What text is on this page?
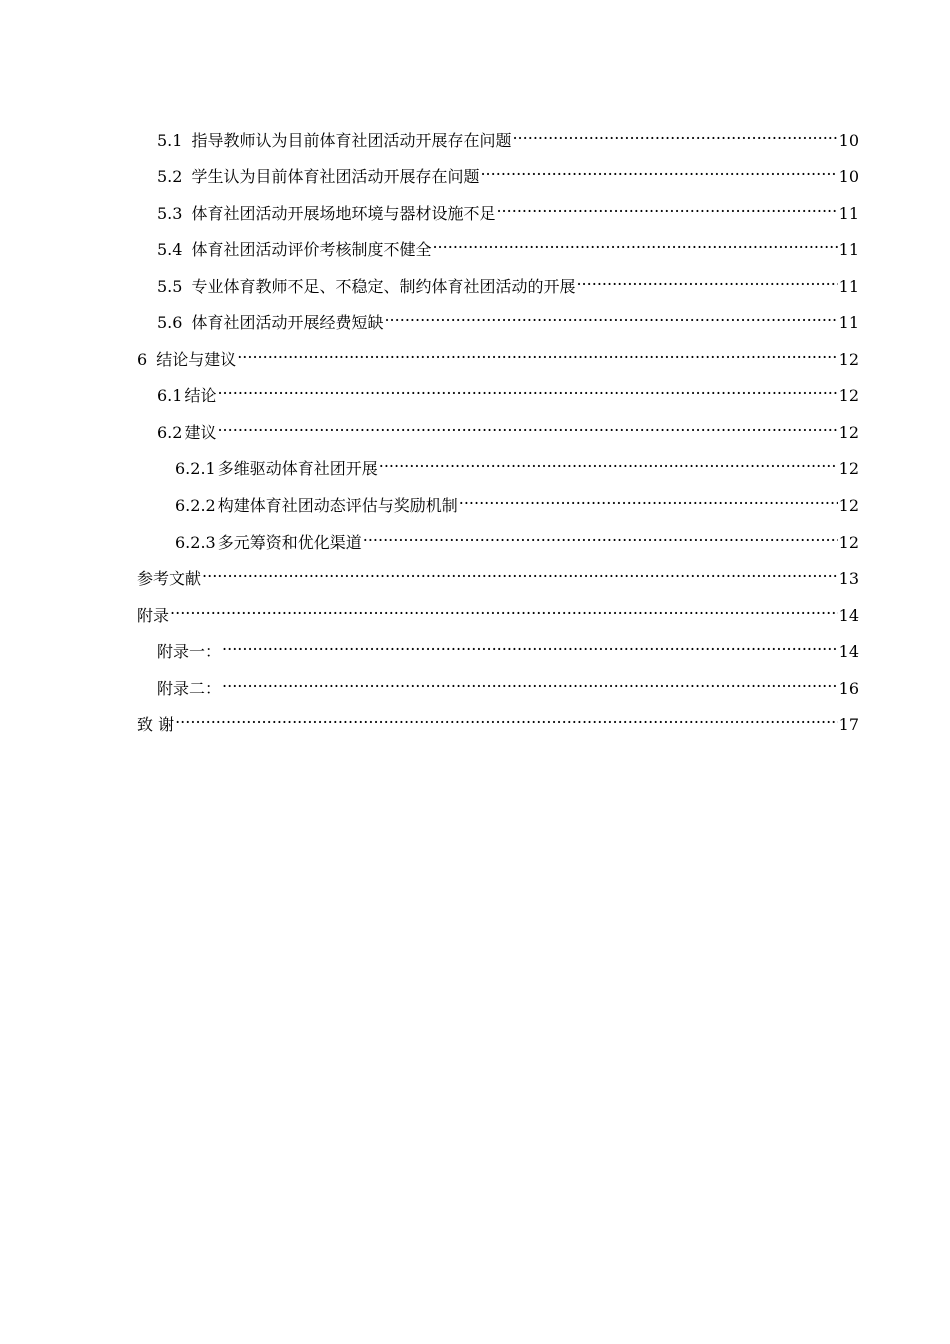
5.1 指导教师认为目前体育社团活动开展存在问题 .....	10
5.2 学生认为目前体育社团活动开展存在问题 .....	10
5.3 体育社团活动开展场地环境与器材设施不足 .....	11
5.4 体育社团活动评价考核制度不健全 .....	11
5.5 专业体育教师不足、不稳定、制约体育社团活动的开展 .....	11
5.6 体育社团活动开展经费短缺 .....	11
6 结论与建议 .....	12
6.1 结论 .....	12
6.2 建议 .....	12
6.2.1 多维驱动体育社团开展 .....	12
6.2.2 构建体育社团动态评估与奖励机制 .....	12
6.2.3 多元筹资和优化渠道 .....	12
参考文献 .....	13
附录 .....	14
附录一： .....	14
附录二： .....	16
致 谢 .....	17
